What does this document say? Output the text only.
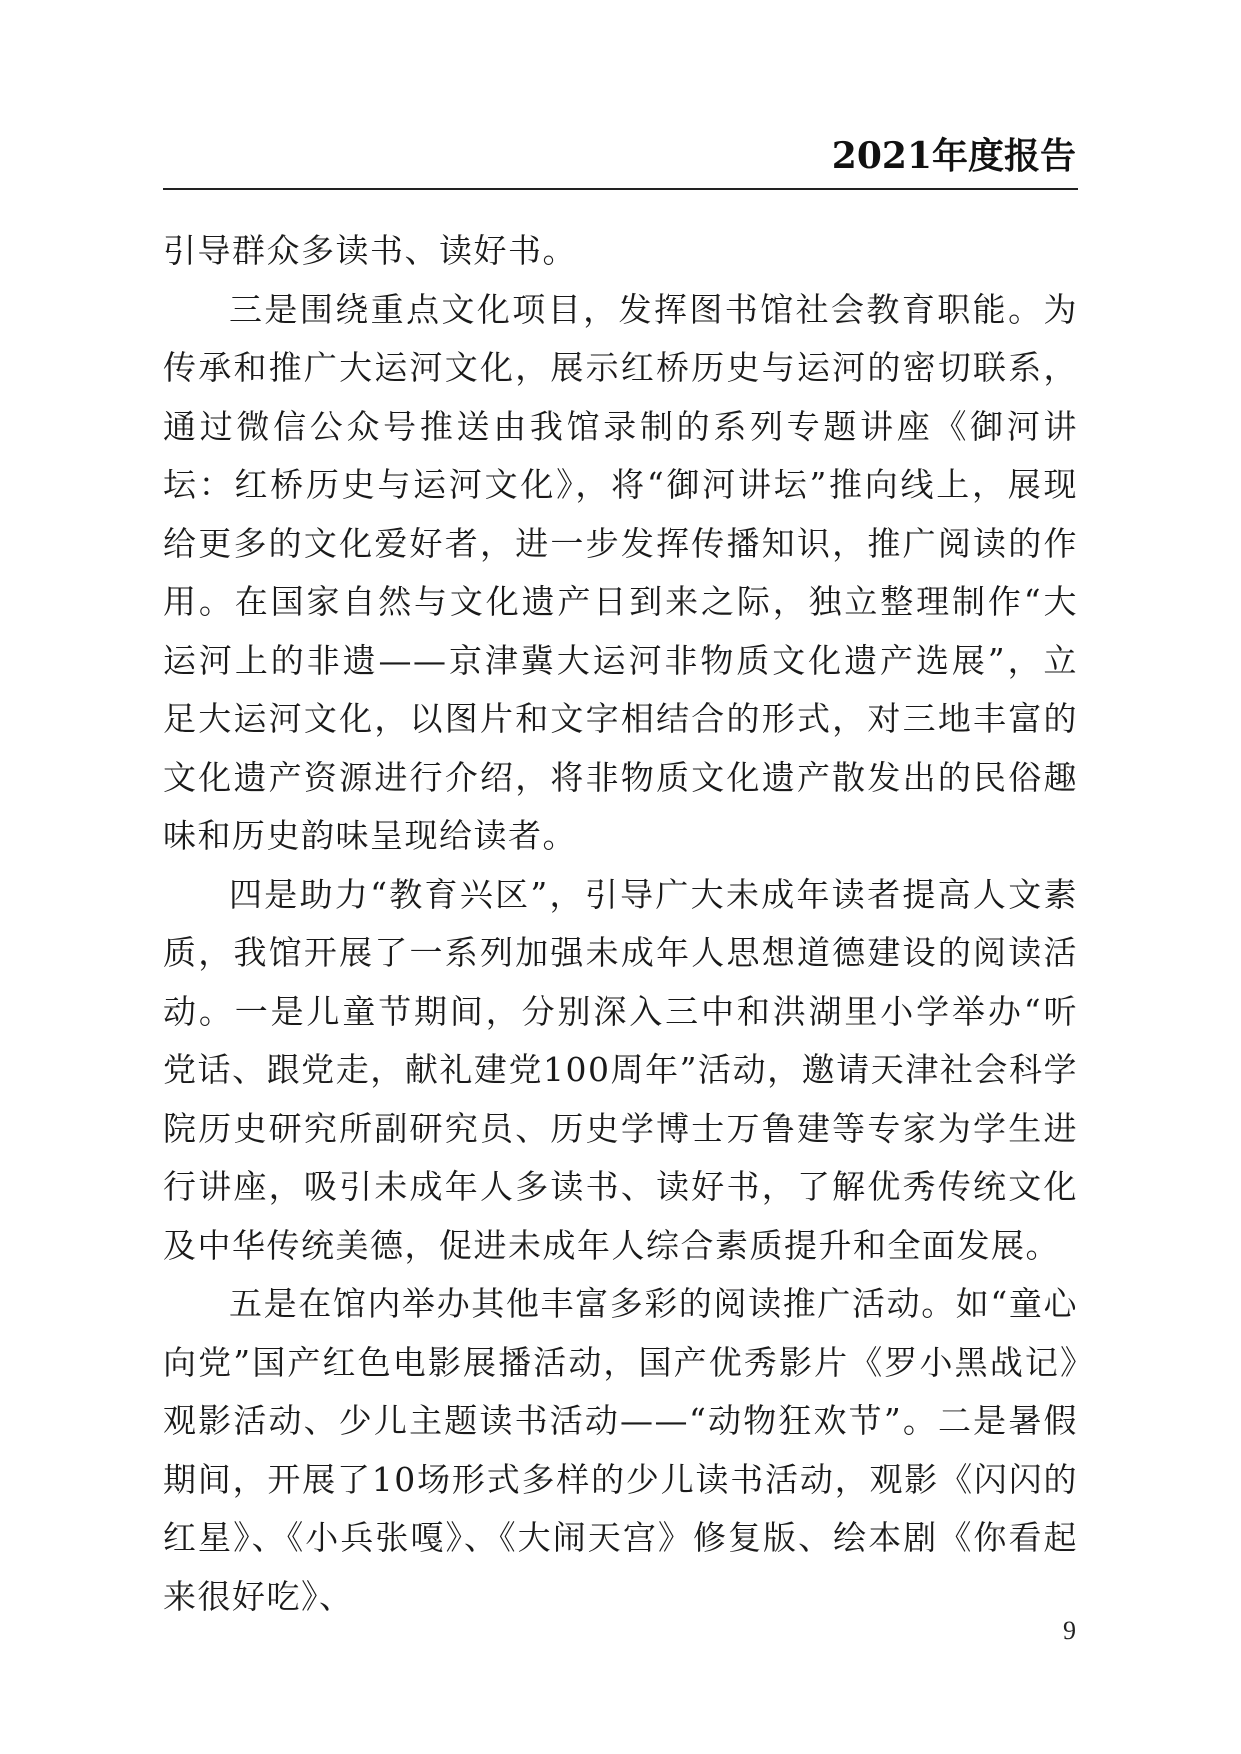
2021年度报告

引导群众多读书、读好书。

三是围绕重点文化项目，发挥图书馆社会教育职能。为传承和推广大运河文化，展示红桥历史与运河的密切联系，通过微信公众号推送由我馆录制的系列专题讲座《御河讲坛：红桥历史与运河文化》，将“御河讲坛”推向线上，展现给更多的文化爱好者，进一步发挥传播知识，推广阅读的作用。在国家自然与文化遗产日到来之际，独立整理制作“大运河上的非遗——京津冀大运河非物质文化遗产选展”，立足大运河文化，以图片和文字相结合的形式，对三地丰富的文化遗产资源进行介绍，将非物质文化遗产散发出的民俗趣味和历史韵味呈现给读者。

四是助力“教育兴区”，引导广大未成年读者提高人文素质，我馆开展了一系列加强未成年人思想道德建设的阅读活动。一是儿童节期间，分别深入三中和洪湖里小学举办“听党话、跟党走，献礼建党100周年”活动，邀请天津社会科学院历史研究所副研究员、历史学博士万鲁建等专家为学生进行讲座，吸引未成年人多读书、读好书，了解优秀传统文化及中华传统美德，促进未成年人综合素质提升和全面发展。

五是在馆内举办其他丰富多彩的阅读推广活动。如“童心向党”国产红色电影展播活动，国产优秀影片《罗小黑战记》观影活动、少儿主题读书活动——“动物狂欢节”。二是暑假期间，开展了10场形式多样的少儿读书活动，观影《闪闪的红星》、《小兵张嘎》、《大闹天宫》修复版、绘本剧《你看起来很好吃》、

9
